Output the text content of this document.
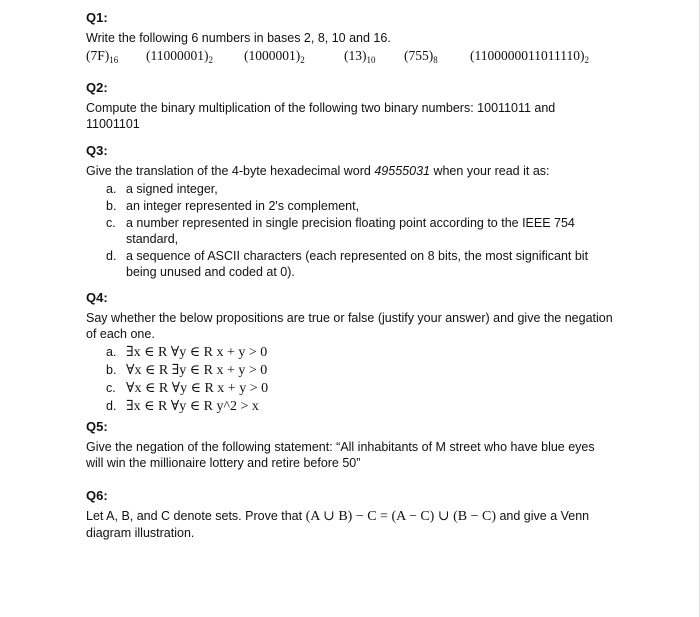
Q1:

Write the following 6 numbers in bases 2, 8, 10 and 16.

$(7F)_{16}$	$(11000001)_2$	$(1000001)_2$	$(13)_{10}$	$(755)_8$	$(1100000011011110)_2$
Q2:

Compute the binary multiplication of the following two binary numbers: 10011011 and

11001101

Q3:

Give the translation of the 4-byte hexadecimal word 49555031 when your read it as:

a. a signed integer,
b. an integer represented in 2's complement,
c. a number represented in single precision floating point according to the IEEE 754
standard,
d. a sequence of ASCII characters (each represented on 8 bits, the most significant bit
being unused and coded at 0).
Q4:

Say whether the below propositions are true or false (justify your answer) and give the negation

of each one.

a. ∃x ∈ R ∀y ∈ R x + y > 0
b. ∀x ∈ R ∃y ∈ R x + y > 0
c. ∀x ∈ R ∀y ∈ R x + y > 0
d. ∃x ∈ R ∀y ∈ R y^2 > x
Q5:

Give the negation of the following statement: “All inhabitants of M street who have blue eyes

will win the millionaire lottery and retire before 50”

Q6:

Let A, B, and C denote sets. Prove that (A ∪ B) − C = (A − C) ∪ (B − C) and give a Venn

diagram illustration.
